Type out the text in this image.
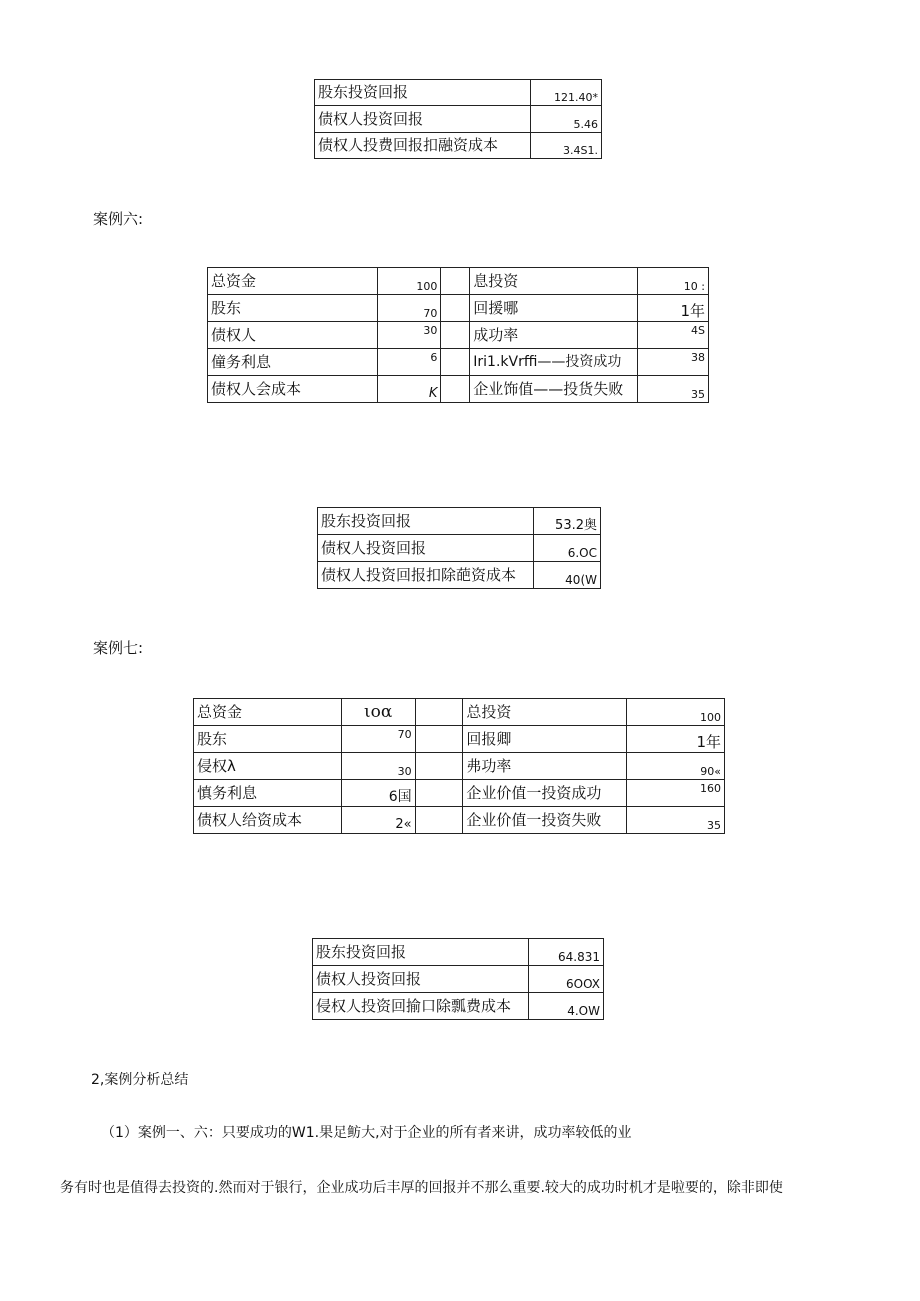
股东投资回报	121.40*
债权人投资回报	5.46
债权人投费回报扣融资成本	3.4S1.
案例六:
总资金	100		息投资	10 :
股东	70		回援哪	1年
债权人	30		成功率	4S
僮务利息	6		Iri1.kVrffi——投资成功	38
债权人会成本	K		企业饰值——投货失败	35
股东投资回报	53.2奥
债权人投资回报	6.OC
债权人投资回报扣除葩资成本	40(W
案例七:
总资金	ιoα		总投资	100
股东	70		回报卿	1年
侵权λ	30		弗功率	90«
慎务利息	6国		企业价值一投资成功	160
债权人给资成本	2«		企业价值一投资失败	35
股东投资回报	64.831
债权人投资回报	6OOX
侵权人投资回揄口除瓢费成本	4.OW
2,案例分析总结
（1）案例一、六：只要成功的W1.果足鲂大,对于企业的所有者来讲，成功率较低的业
务有时也是值得去投资的.然而对于银行，企业成功后丰厚的回报并不那么重要.较大的成功时机才是啦要的，除非即使
